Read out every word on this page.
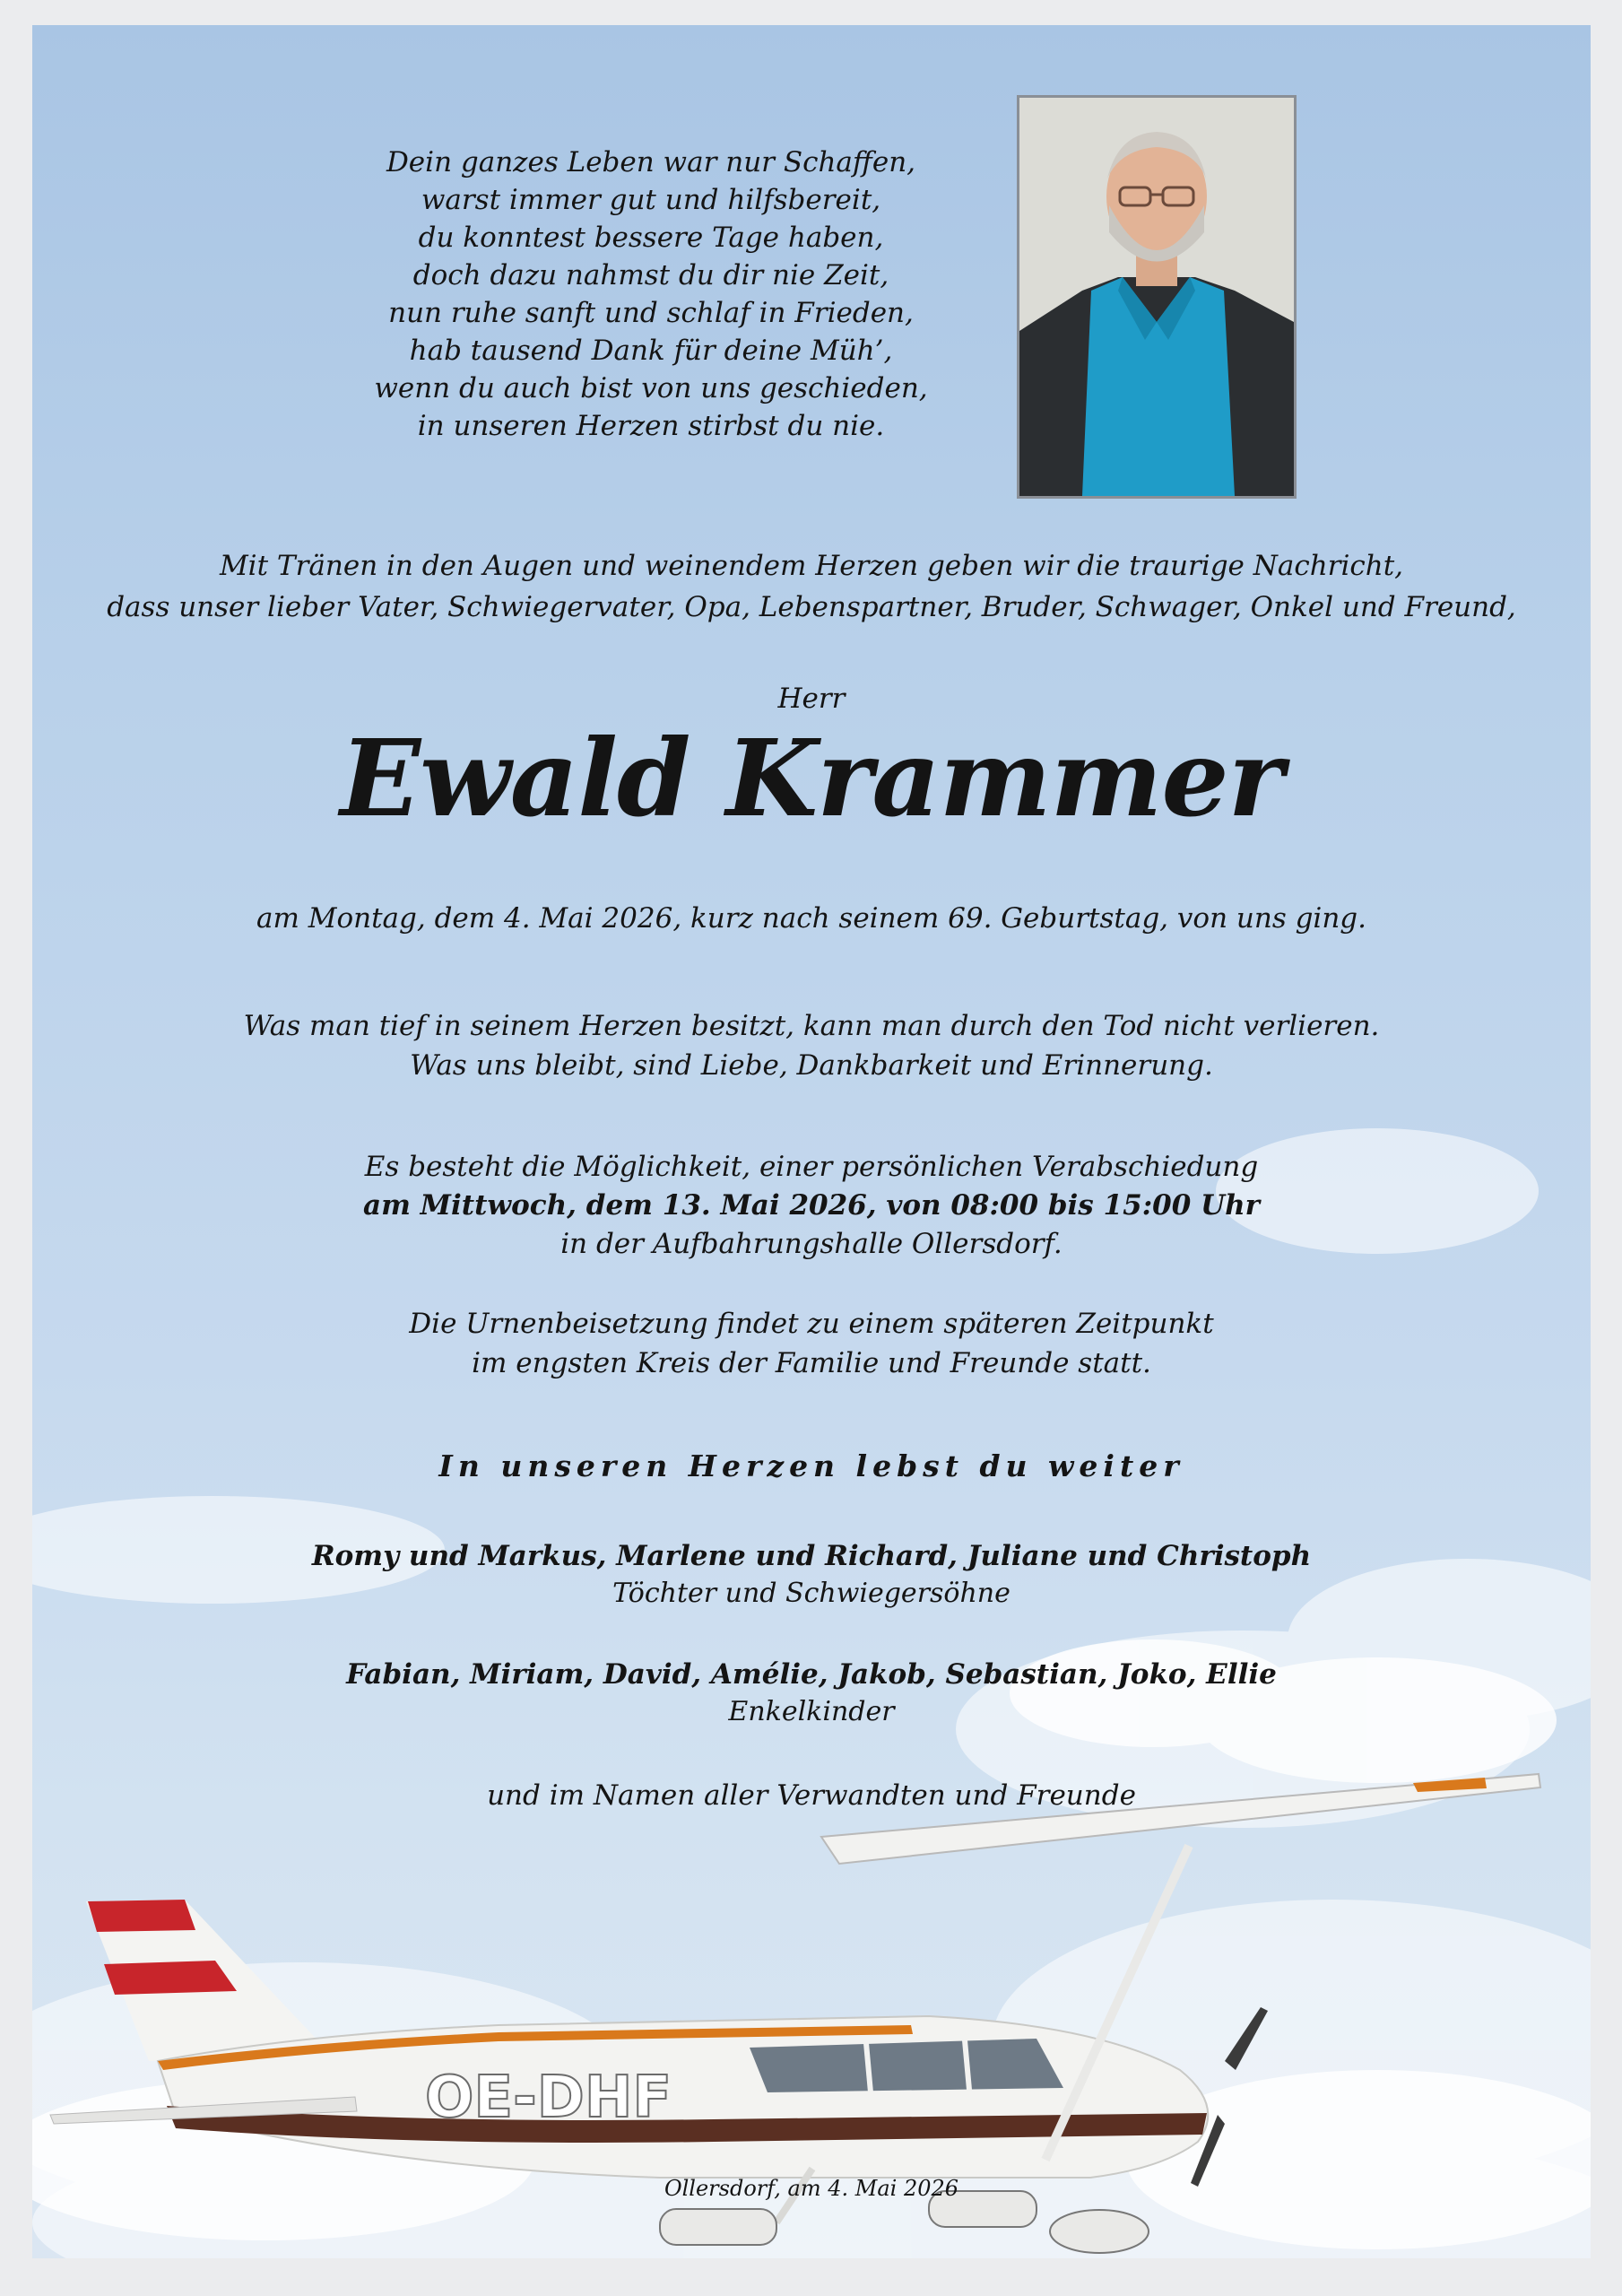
Dein ganzes Leben war nur Schaffen,
warst immer gut und hilfsbereit,
du konntest bessere Tage haben,
doch dazu nahmst du dir nie Zeit,
nun ruhe sanft und schlaf in Frieden,
hab tausend Dank für deine Müh’,
wenn du auch bist von uns geschieden,
in unseren Herzen stirbst du nie.
Mit Tränen in den Augen und weinendem Herzen geben wir die traurige Nachricht,
dass unser lieber Vater, Schwiegervater, Opa, Lebenspartner, Bruder, Schwager, Onkel und Freund,
Herr
Ewald Krammer
am Montag, dem 4. Mai 2026, kurz nach seinem 69. Geburtstag, von uns ging.
Was man tief in seinem Herzen besitzt, kann man durch den Tod nicht verlieren.
Was uns bleibt, sind Liebe, Dankbarkeit und Erinnerung.
Es besteht die Möglichkeit, einer persönlichen Verabschiedung
am Mittwoch, dem 13. Mai 2026, von 08:00 bis 15:00 Uhr
in der Aufbahrungshalle Ollersdorf.
Die Urnenbeisetzung findet zu einem späteren Zeitpunkt
im engsten Kreis der Familie und Freunde statt.
In unseren Herzen lebst du weiter
Romy und Markus, Marlene und Richard, Juliane und Christoph
Töchter und Schwiegersöhne
OE-DHF
Fabian, Miriam, David, Amélie, Jakob, Sebastian, Joko, Ellie
Enkelkinder
und im Namen aller Verwandten und Freunde
Ollersdorf, am 4. Mai 2026
